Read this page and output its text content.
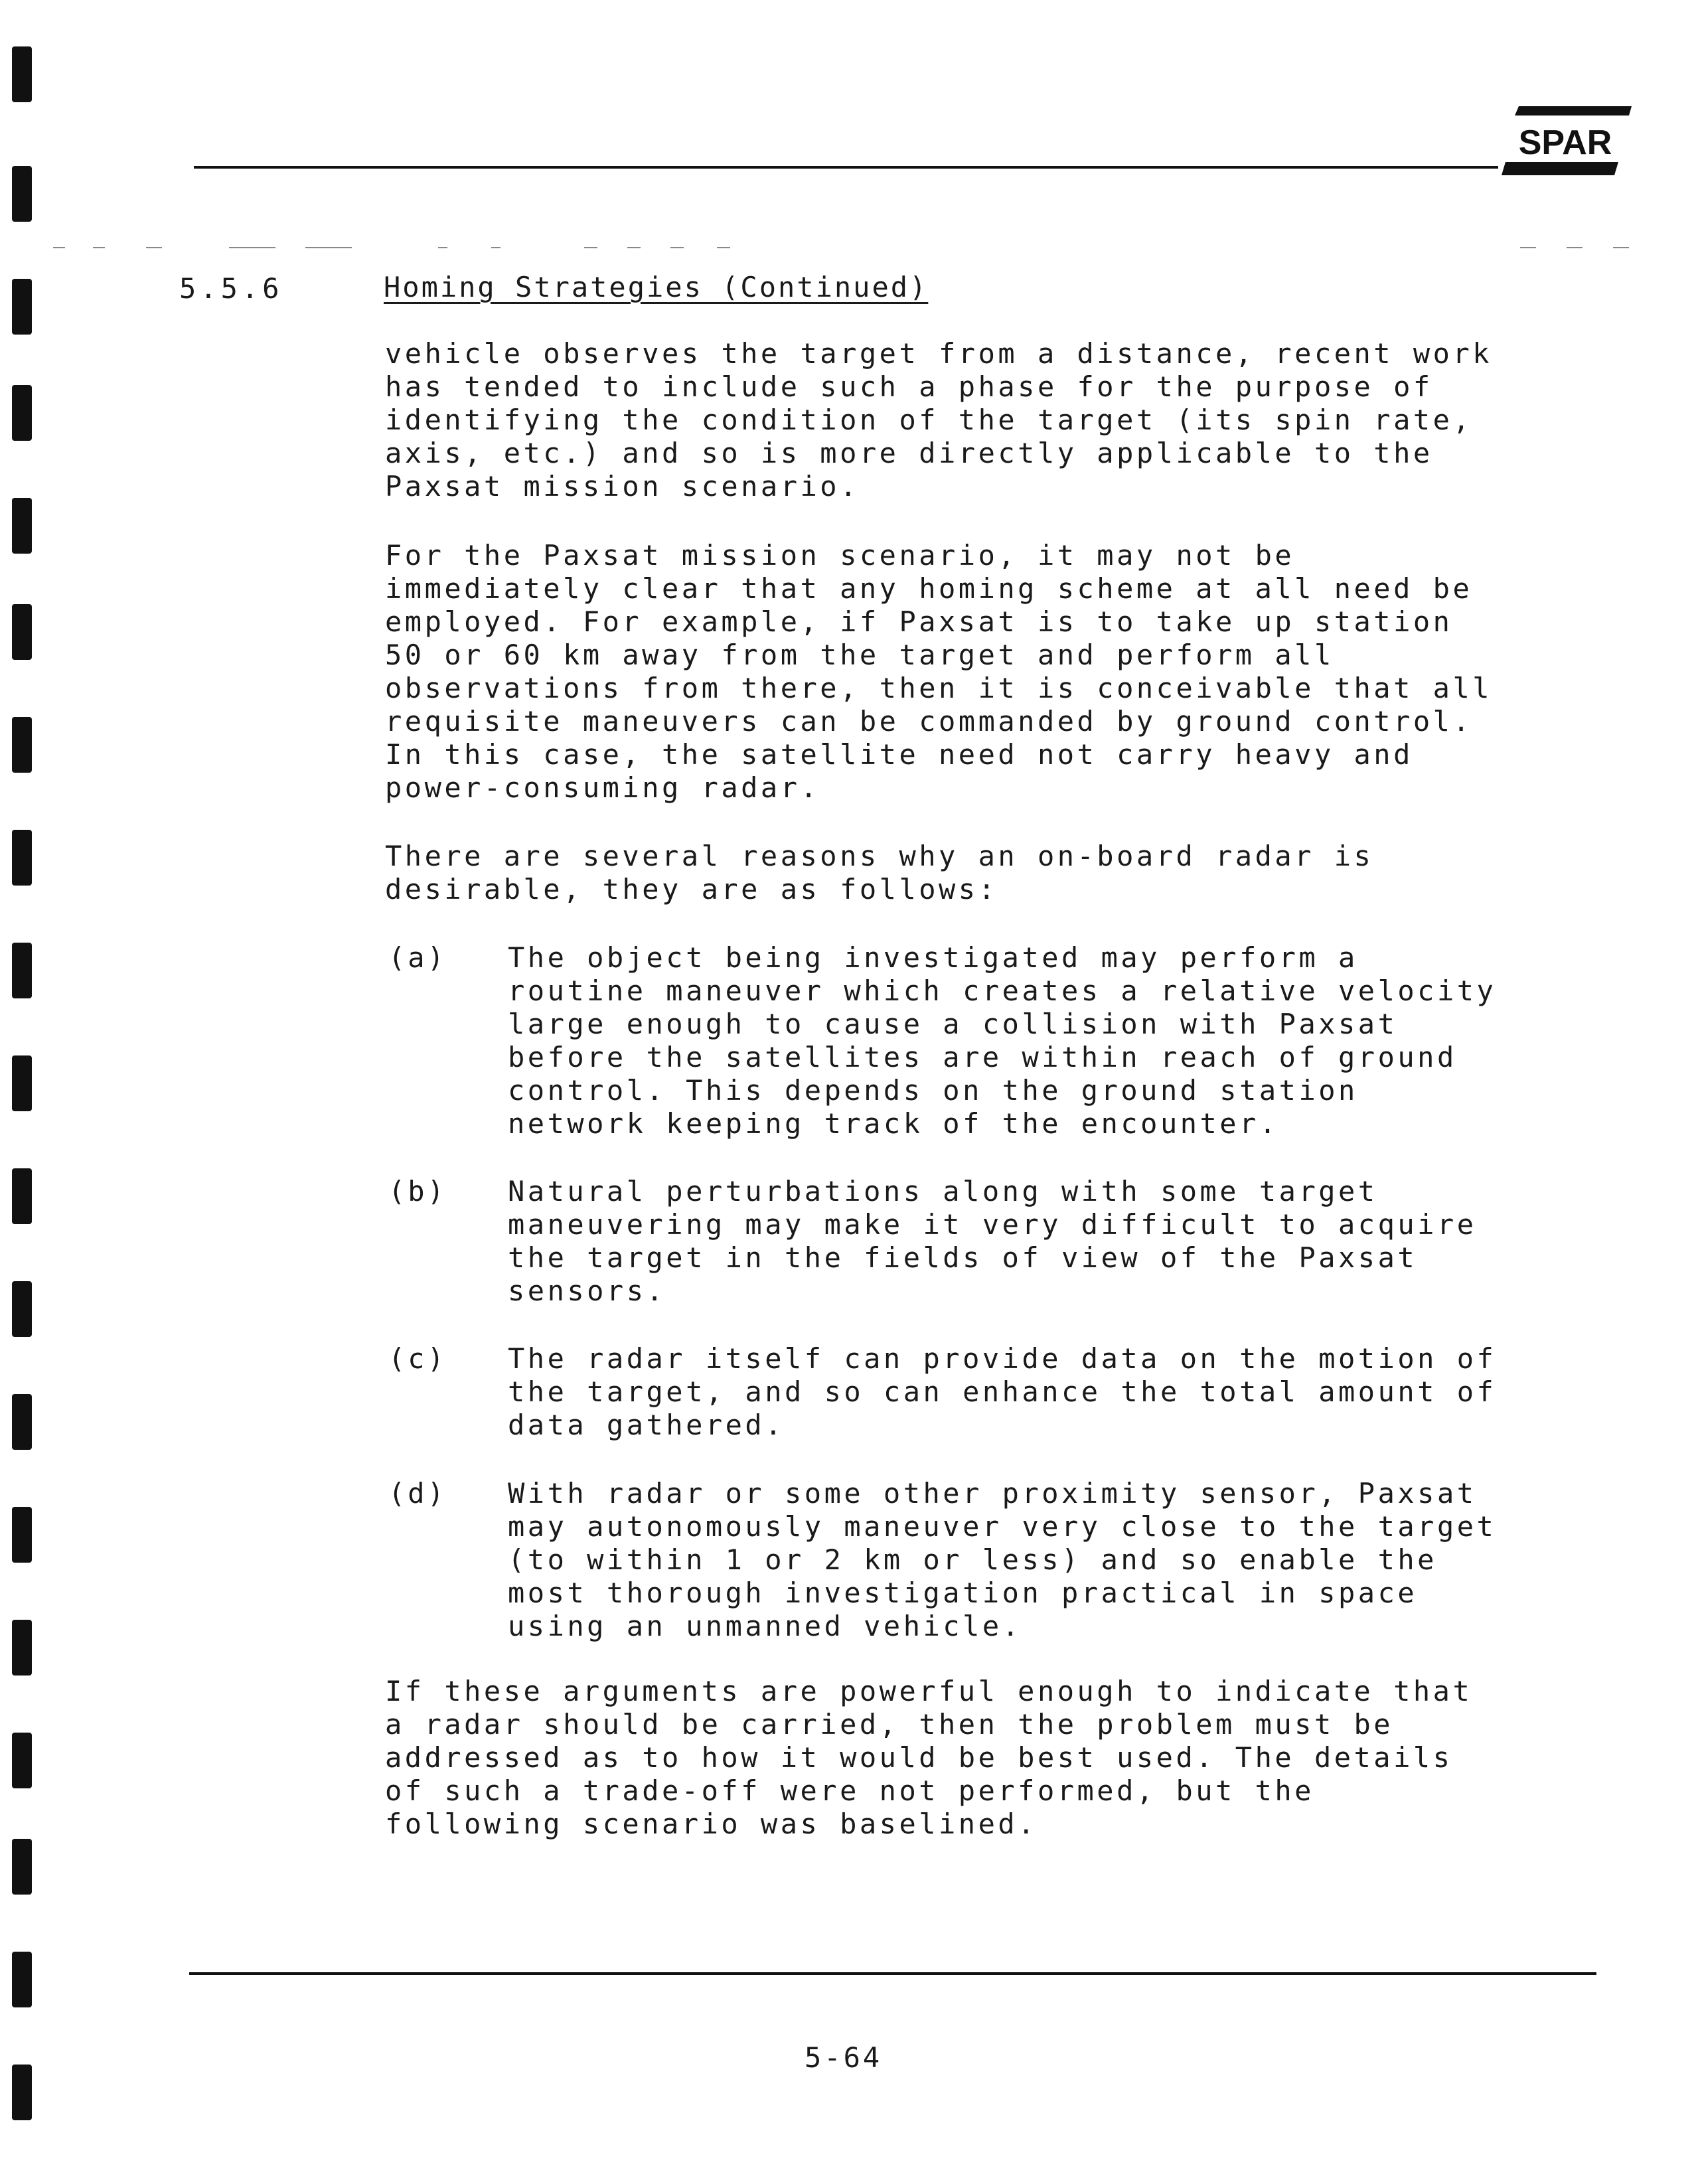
SPAR
5.5.6	Homing Strategies (Continued)

vehicle observes the target from a distance, recent work
has tended to include such a phase for the purpose of
identifying the condition of the target (its spin rate,
axis, etc.) and so is more directly applicable to the
Paxsat mission scenario.

For the Paxsat mission scenario, it may not be
immediately clear that any homing scheme at all need be
employed. For example, if Paxsat is to take up station
50 or 60 km away from the target and perform all
observations from there, then it is conceivable that all
requisite maneuvers can be commanded by ground control.
In this case, the satellite need not carry heavy and
power-consuming radar.

There are several reasons why an on-board radar is
desirable, they are as follows:

(a) The object being investigated may perform a
routine maneuver which creates a relative velocity
large enough to cause a collision with Paxsat
before the satellites are within reach of ground
control. This depends on the ground station
network keeping track of the encounter.

(b) Natural perturbations along with some target
maneuvering may make it very difficult to acquire
the target in the fields of view of the Paxsat
sensors.

(c) The radar itself can provide data on the motion of
the target, and so can enhance the total amount of
data gathered.

(d) With radar or some other proximity sensor, Paxsat
may autonomously maneuver very close to the target
(to within 1 or 2 km or less) and so enable the
most thorough investigation practical in space
using an unmanned vehicle.

If these arguments are powerful enough to indicate that
a radar should be carried, then the problem must be
addressed as to how it would be best used. The details
of such a trade-off were not performed, but the
following scenario was baselined.

5-64
